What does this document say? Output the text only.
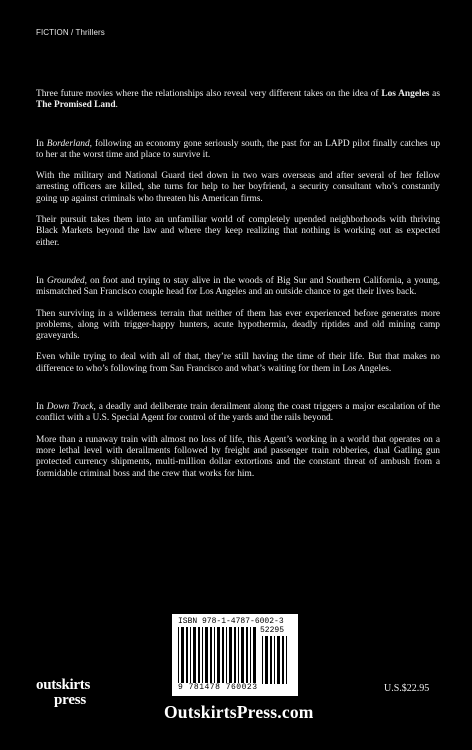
FICTION / Thrillers

Three future movies where the relationships also reveal very different takes on the idea of Los Angeles as The Promised Land.

In Borderland, following an economy gone seriously south, the past for an LAPD pilot finally catches up to her at the worst time and place to survive it.

With the military and National Guard tied down in two wars overseas and after several of her fellow arresting officers are killed, she turns for help to her boyfriend, a security consultant who’s constantly going up against criminals who threaten his American firms.

Their pursuit takes them into an unfamiliar world of completely upended neighborhoods with thriving Black Markets beyond the law and where they keep realizing that nothing is working out as expected either.

In Grounded, on foot and trying to stay alive in the woods of Big Sur and Southern California, a young, mismatched San Francisco couple head for Los Angeles and an outside chance to get their lives back.

Then surviving in a wilderness terrain that neither of them has ever experienced before generates more problems, along with trigger-happy hunters, acute hypothermia, deadly riptides and old mining camp graveyards.

Even while trying to deal with all of that, they’re still having the time of their life. But that makes no difference to who’s following from San Francisco and what’s waiting for them in Los Angeles.

In Down Track, a deadly and deliberate train derailment along the coast triggers a major escalation of the conflict with a U.S. Special Agent for control of the yards and the rails beyond.

More than a runaway train with almost no loss of life, this Agent’s working in a world that operates on a more lethal level with derailments followed by freight and passenger train robberies, dual Gatling gun protected currency shipments, multi-million dollar extortions and the constant threat of ambush from a formidable criminal boss and the crew that works for him.

ISBN 978-1-4787-6002-3
52295
9 781478 760023
outskirts
press
OutskirtsPress.com
U.S.$22.95
